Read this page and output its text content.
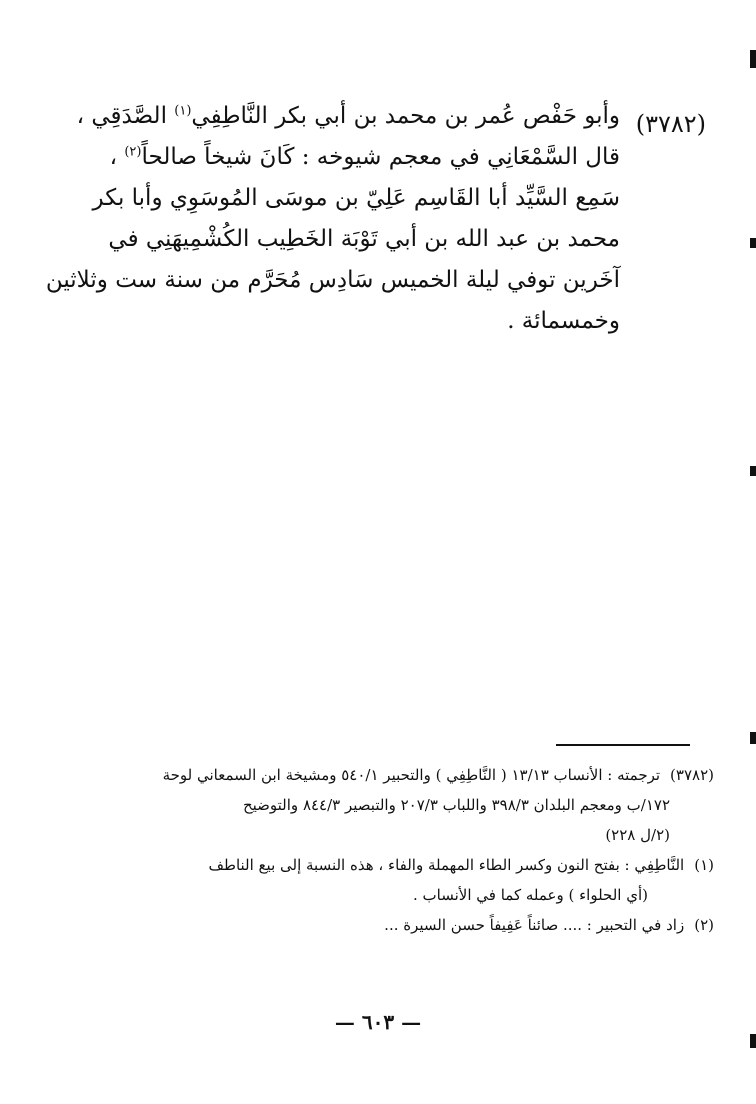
(٣٧٨٢)
وأبو حَفْص عُمر بن محمد بن أبي بكر النَّاطِفِي$^{(١)}$ الصَّدَقِي ،
قال السَّمْعَانِي في معجم شيوخه : كَانَ شيخاً صالحاً$^{(٢)}$ ،
سَمِع السَّيِّد أبا القَاسِم عَلِيّ بن موسَى المُوسَوِي وأبا بكر
محمد بن عبد الله بن أبي تَوْبَة الخَطِيب الكُشْمِيهَنِي في
آخَرين توفي ليلة الخميس سَادِس مُحَرَّم من سنة ست وثلاثين
وخمسمائة .
(٣٧٨٢)ترجمته : الأنساب ١٣/١٣ ( النَّاطِفِي ) والتحبير ٥٤٠/١ ومشيخة ابن السمعاني لوحة
١٧٢/ب ومعجم البلدان ٣٩٨/٣ واللباب ٢٠٧/٣ والتبصير ٨٤٤/٣ والتوضيح
(٢/ل ٢٢٨)
(١)النَّاطِفِي : بفتح النون وكسر الطاء المهملة والفاء ، هذه النسبة إلى بيع الناطف
(أي الحلواء ) وعمله كما في الأنساب .
(٢)زاد في التحبير : .... صائناً عَفِيفاً حسن السيرة ...
— ٦٠٣ —
